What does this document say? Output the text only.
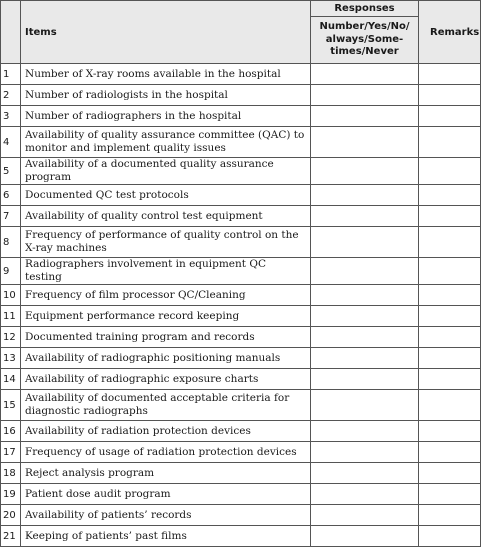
	Items	Responses	Remarks
		Number/Yes/No/ always/Some- times/Never	
1	Number of X-ray rooms available in the hospital		
2	Number of radiologists in the hospital		
3	Number of radiographers in the hospital		
4	Availability of quality assurance committee (QAC) to monitor and implement quality issues		
5	Availability of a documented quality assurance program		
6	Documented QC test protocols		
7	Availability of quality control test equipment		
8	Frequency of performance of quality control on the X-ray machines		
9	Radiographers involvement in equipment QC testing		
10	Frequency of film processor QC/Cleaning		
11	Equipment performance record keeping		
12	Documented training program and records		
13	Availability of radiographic positioning manuals		
14	Availability of radiographic exposure charts		
15	Availability of documented acceptable criteria for diagnostic radiographs		
16	Availability of radiation protection devices		
17	Frequency of usage of radiation protection devices		
18	Reject analysis program		
19	Patient dose audit program		
20	Availability of patients’ records		
21	Keeping of patients’ past films		
